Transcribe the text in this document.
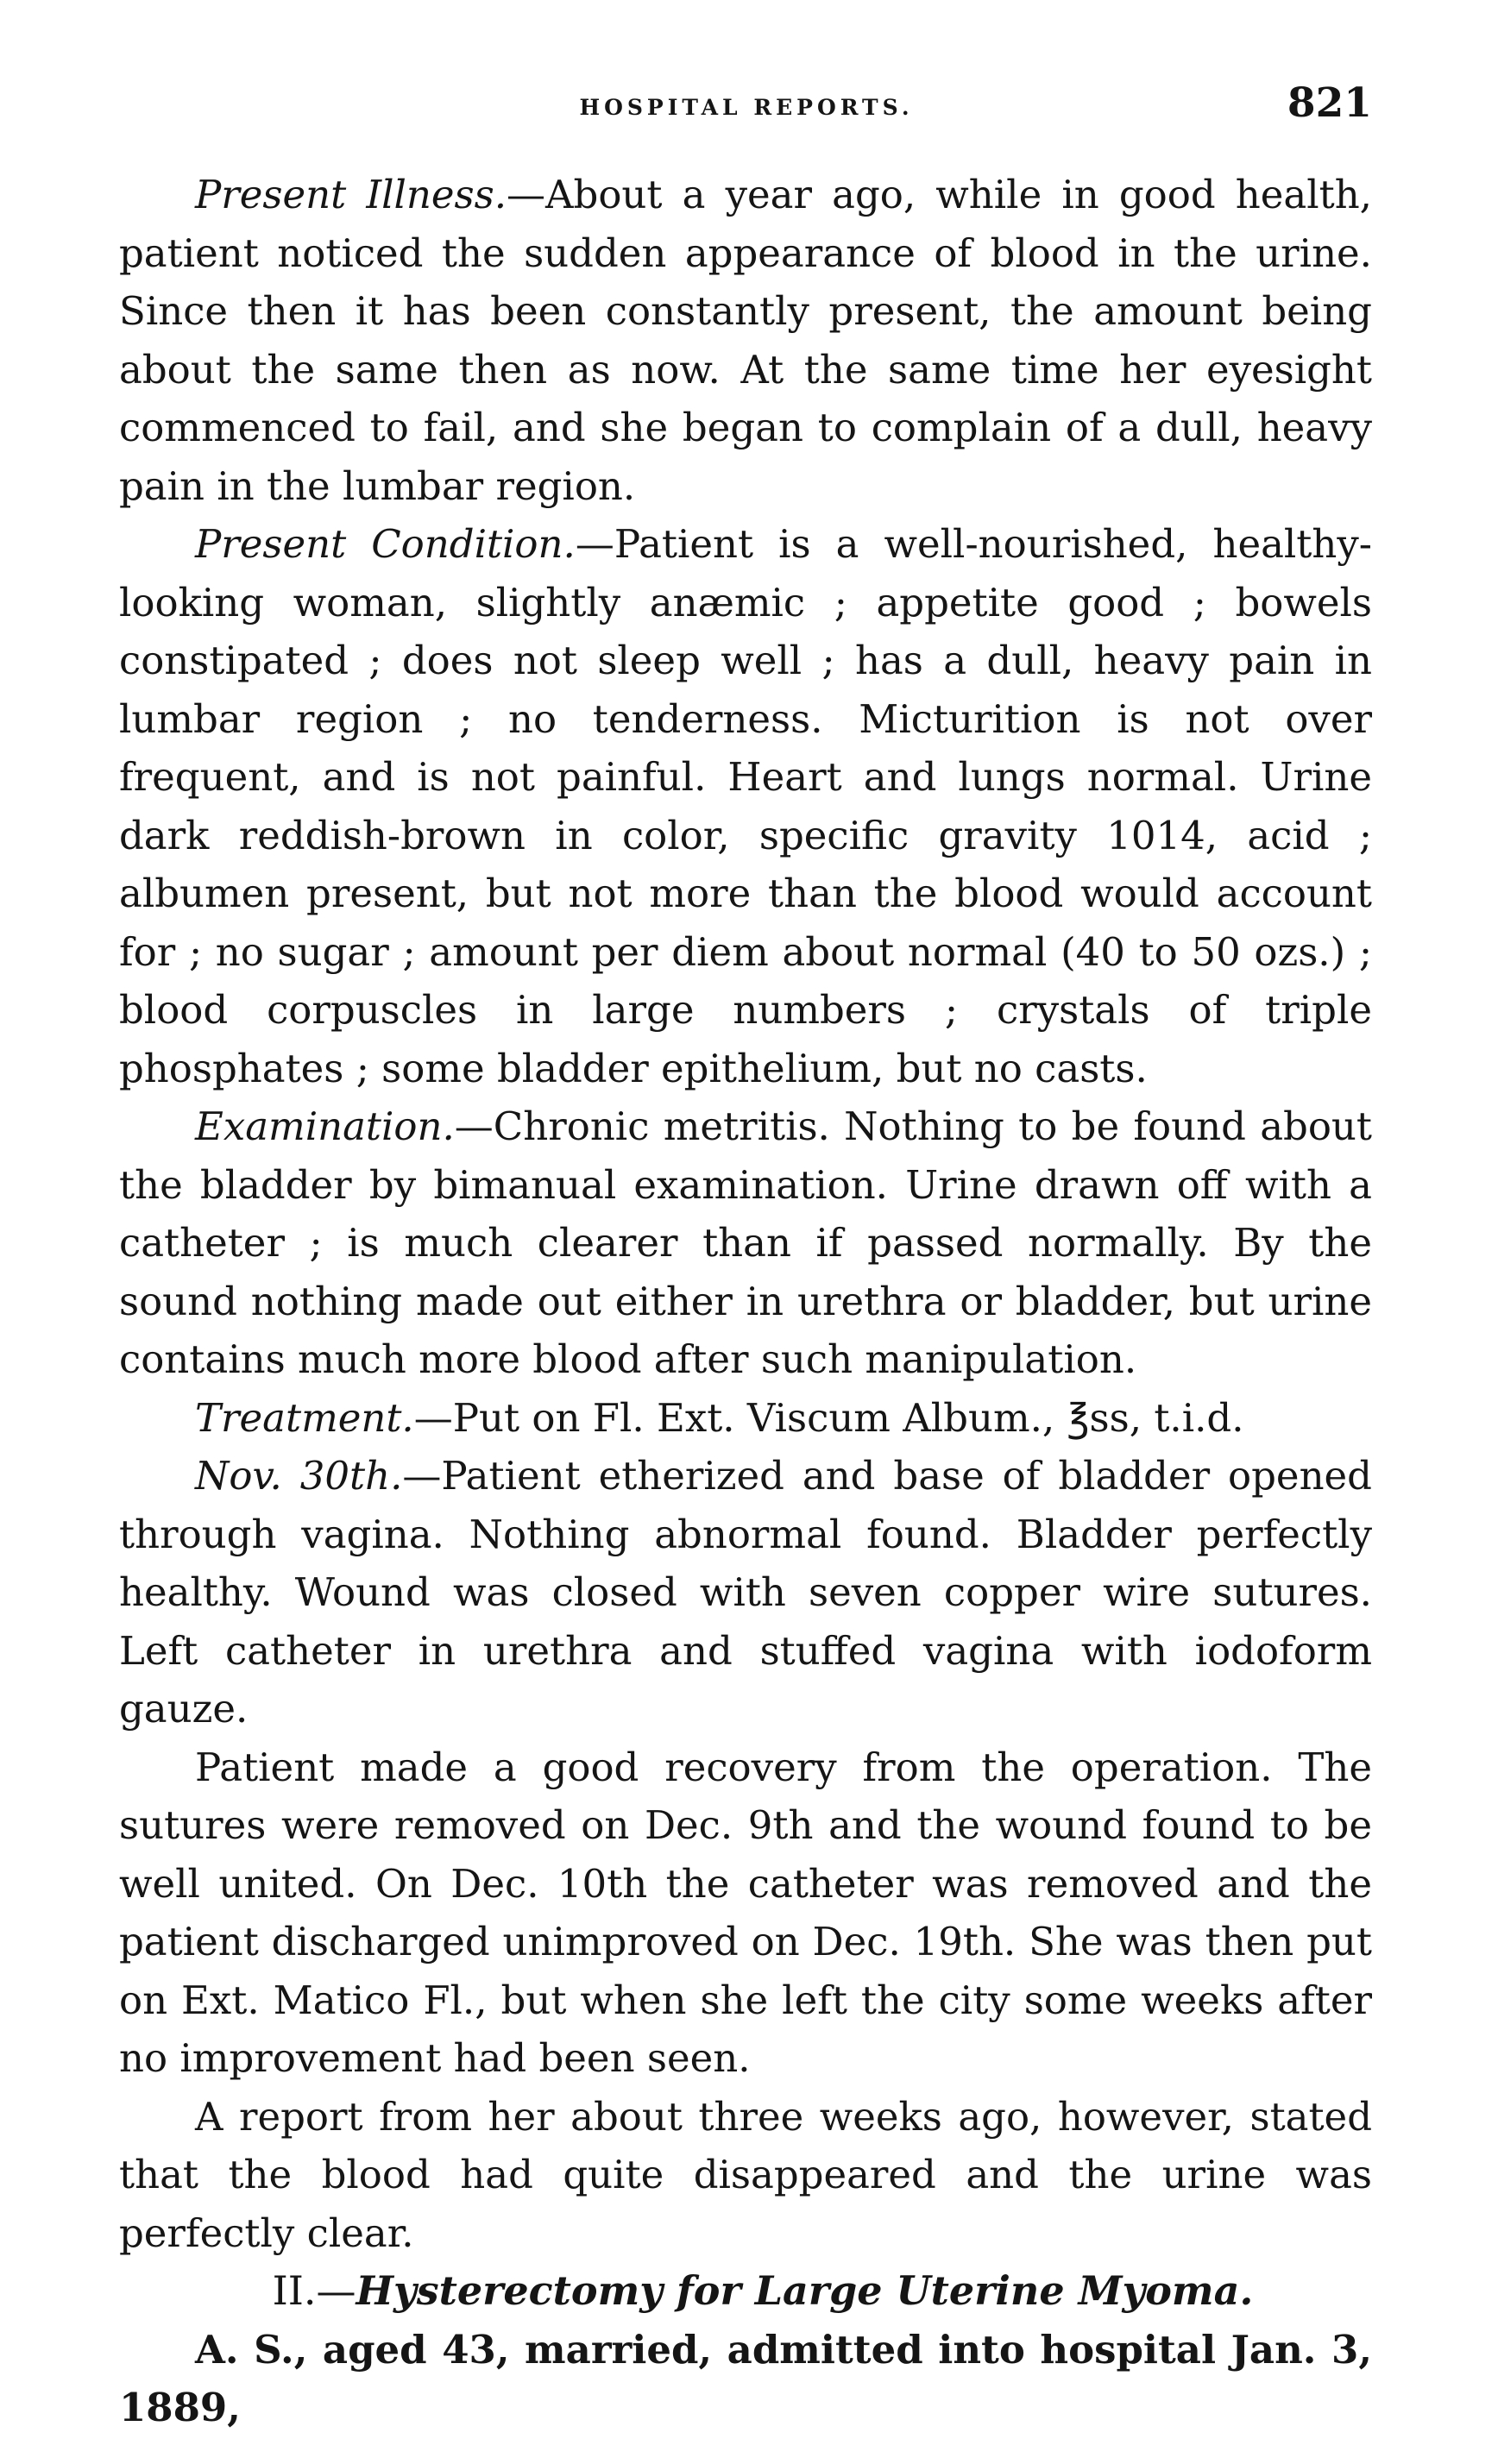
HOSPITAL REPORTS.	821

Present Illness.—About a year ago, while in good health, patient noticed the sudden appearance of blood in the urine. Since then it has been constantly present, the amount being about the same then as now. At the same time her eyesight commenced to fail, and she began to complain of a dull, heavy pain in the lumbar region.

Present Condition.—Patient is a well-nourished, healthy-looking woman, slightly anæmic ; appetite good ; bowels constipated ; does not sleep well ; has a dull, heavy pain in lumbar region ; no tenderness. Micturition is not over frequent, and is not painful. Heart and lungs normal. Urine dark reddish-brown in color, specific gravity 1014, acid ; albumen present, but not more than the blood would account for ; no sugar ; amount per diem about normal (40 to 50 ozs.) ; blood corpuscles in large numbers ; crystals of triple phosphates ; some bladder epithelium, but no casts.

Examination.—Chronic metritis. Nothing to be found about the bladder by bimanual examination. Urine drawn off with a catheter ; is much clearer than if passed normally. By the sound nothing made out either in urethra or bladder, but urine contains much more blood after such manipulation.

Treatment.—Put on Fl. Ext. Viscum Album., ℥ss, t.i.d.

Nov. 30th.—Patient etherized and base of bladder opened through vagina. Nothing abnormal found. Bladder perfectly healthy. Wound was closed with seven copper wire sutures. Left catheter in urethra and stuffed vagina with iodoform gauze.

Patient made a good recovery from the operation. The sutures were removed on Dec. 9th and the wound found to be well united. On Dec. 10th the catheter was removed and the patient discharged unimproved on Dec. 19th. She was then put on Ext. Matico Fl., but when she left the city some weeks after no improvement had been seen.

A report from her about three weeks ago, however, stated that the blood had quite disappeared and the urine was perfectly clear.

II.—Hysterectomy for Large Uterine Myoma.

A. S., aged 43, married, admitted into hospital Jan. 3, 1889,
